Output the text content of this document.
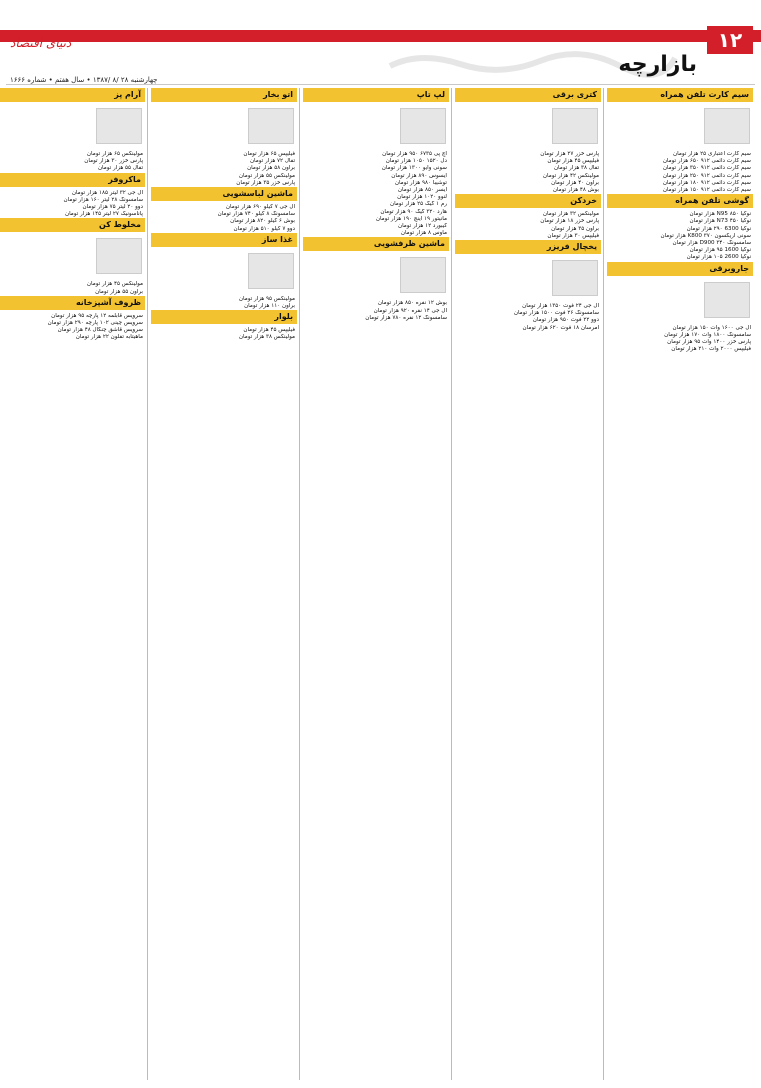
۱۲
دنیای اقتصاد
بازارچه
چهارشنبه ۲۸ /۸ /۱۳۸۷ • سال هفتم • شماره ۱۶۶۶
سیم کارت تلفن همراه
سیم کارت اعتباری ۲۵ هزار تومان
سیم کارت دائمی ۹۱۲ ۶۵۰ هزار تومان
سیم کارت دائمی ۹۱۲ ۳۵۰ هزار تومان
سیم کارت دائمی ۹۱۲ ۲۵۰ هزار تومان
سیم کارت دائمی ۹۱۲ ۱۸۰ هزار تومان
سیم کارت دائمی ۹۱۲ ۱۵۰ هزار تومان
گوشی تلفن همراه
نوکیا N95 ۸۵۰ هزار تومان
نوکیا N73 ۴۵۰ هزار تومان
نوکیا 6300 ۲۹۰ هزار تومان
سونی اریکسون K800 ۳۷۰ هزار تومان
سامسونگ D900 ۳۴۰ هزار تومان
نوکیا 1600 ۹۵ هزار تومان
نوکیا 2600 ۱۰۵ هزار تومان
جاروبرقی
ال جی ۱۶۰۰ وات ۱۵۰ هزار تومان
سامسونگ ۱۸۰۰ وات ۱۷۰ هزار تومان
پارس خزر ۱۴۰۰ وات ۹۵ هزار تومان
فیلیپس ۲۰۰۰ وات ۲۱۰ هزار تومان
کتری برقی
پارس خزر ۲۷ هزار تومان
فیلیپس ۴۵ هزار تومان
تفال ۳۸ هزار تومان
مولینکس ۴۲ هزار تومان
براون ۴۰ هزار تومان
بوش ۴۸ هزار تومان
خردکن
مولینکس ۳۲ هزار تومان
پارس خزر ۱۸ هزار تومان
براون ۳۵ هزار تومان
فیلیپس ۳۰ هزار تومان
یخچال فریزر
ال جی ۲۴ فوت ۱۳۵۰ هزار تومان
سامسونگ ۲۶ فوت ۱۵۰۰ هزار تومان
دوو ۲۲ فوت ۹۵۰ هزار تومان
امرسان ۱۸ فوت ۶۲۰ هزار تومان
لپ تاپ
اچ پی ۶۷۳۵ ۹۵۰ هزار تومان
دل ۱۵۲۰ ۱۰۵۰ هزار تومان
سونی وایو ۱۳۰۰ هزار تومان
ایسوس ۸۹۰ هزار تومان
توشیبا ۹۸۰ هزار تومان
ایسر ۸۵۰ هزار تومان
لنوو ۱۰۲۰ هزار تومان
رم ۱ گیگ ۲۵ هزار تومان
هارد ۳۲۰ گیگ ۹۰ هزار تومان
مانیتور ۱۹ اینچ ۱۹۰ هزار تومان
کیبورد ۱۲ هزار تومان
ماوس ۸ هزار تومان
ماشین ظرفشویی
بوش ۱۲ نفره ۸۵۰ هزار تومان
ال جی ۱۴ نفره ۹۲۰ هزار تومان
سامسونگ ۱۲ نفره ۷۸۰ هزار تومان
اتو بخار
فیلیپس ۶۵ هزار تومان
تفال ۷۲ هزار تومان
براون ۵۸ هزار تومان
مولینکس ۵۵ هزار تومان
پارس خزر ۳۵ هزار تومان
ماشین لباسشویی
ال جی ۷ کیلو ۶۹۰ هزار تومان
سامسونگ ۸ کیلو ۷۴۰ هزار تومان
بوش ۶ کیلو ۸۲۰ هزار تومان
دوو ۷ کیلو ۵۱۰ هزار تومان
غذا ساز
مولینکس ۹۵ هزار تومان
براون ۱۱۰ هزار تومان
بلوار
فیلیپس ۴۵ هزار تومان
مولینکس ۳۸ هزار تومان
آرام پز
مولینکس ۶۵ هزار تومان
پارس خزر ۳۰ هزار تومان
تفال ۵۵ هزار تومان
ماکروفر
ال جی ۳۲ لیتر ۱۸۵ هزار تومان
سامسونگ ۲۸ لیتر ۱۶۰ هزار تومان
دوو ۲۰ لیتر ۷۵ هزار تومان
پاناسونیک ۲۷ لیتر ۱۴۵ هزار تومان
مخلوط کن
مولینکس ۴۵ هزار تومان
براون ۵۵ هزار تومان
ظروف آشپزخانه
سرویس قابلمه ۱۲ پارچه ۹۵ هزار تومان
سرویس چینی ۱۰۲ پارچه ۲۹۰ هزار تومان
سرویس قاشق چنگال ۴۸ هزار تومان
ماهیتابه تفلون ۲۲ هزار تومان
